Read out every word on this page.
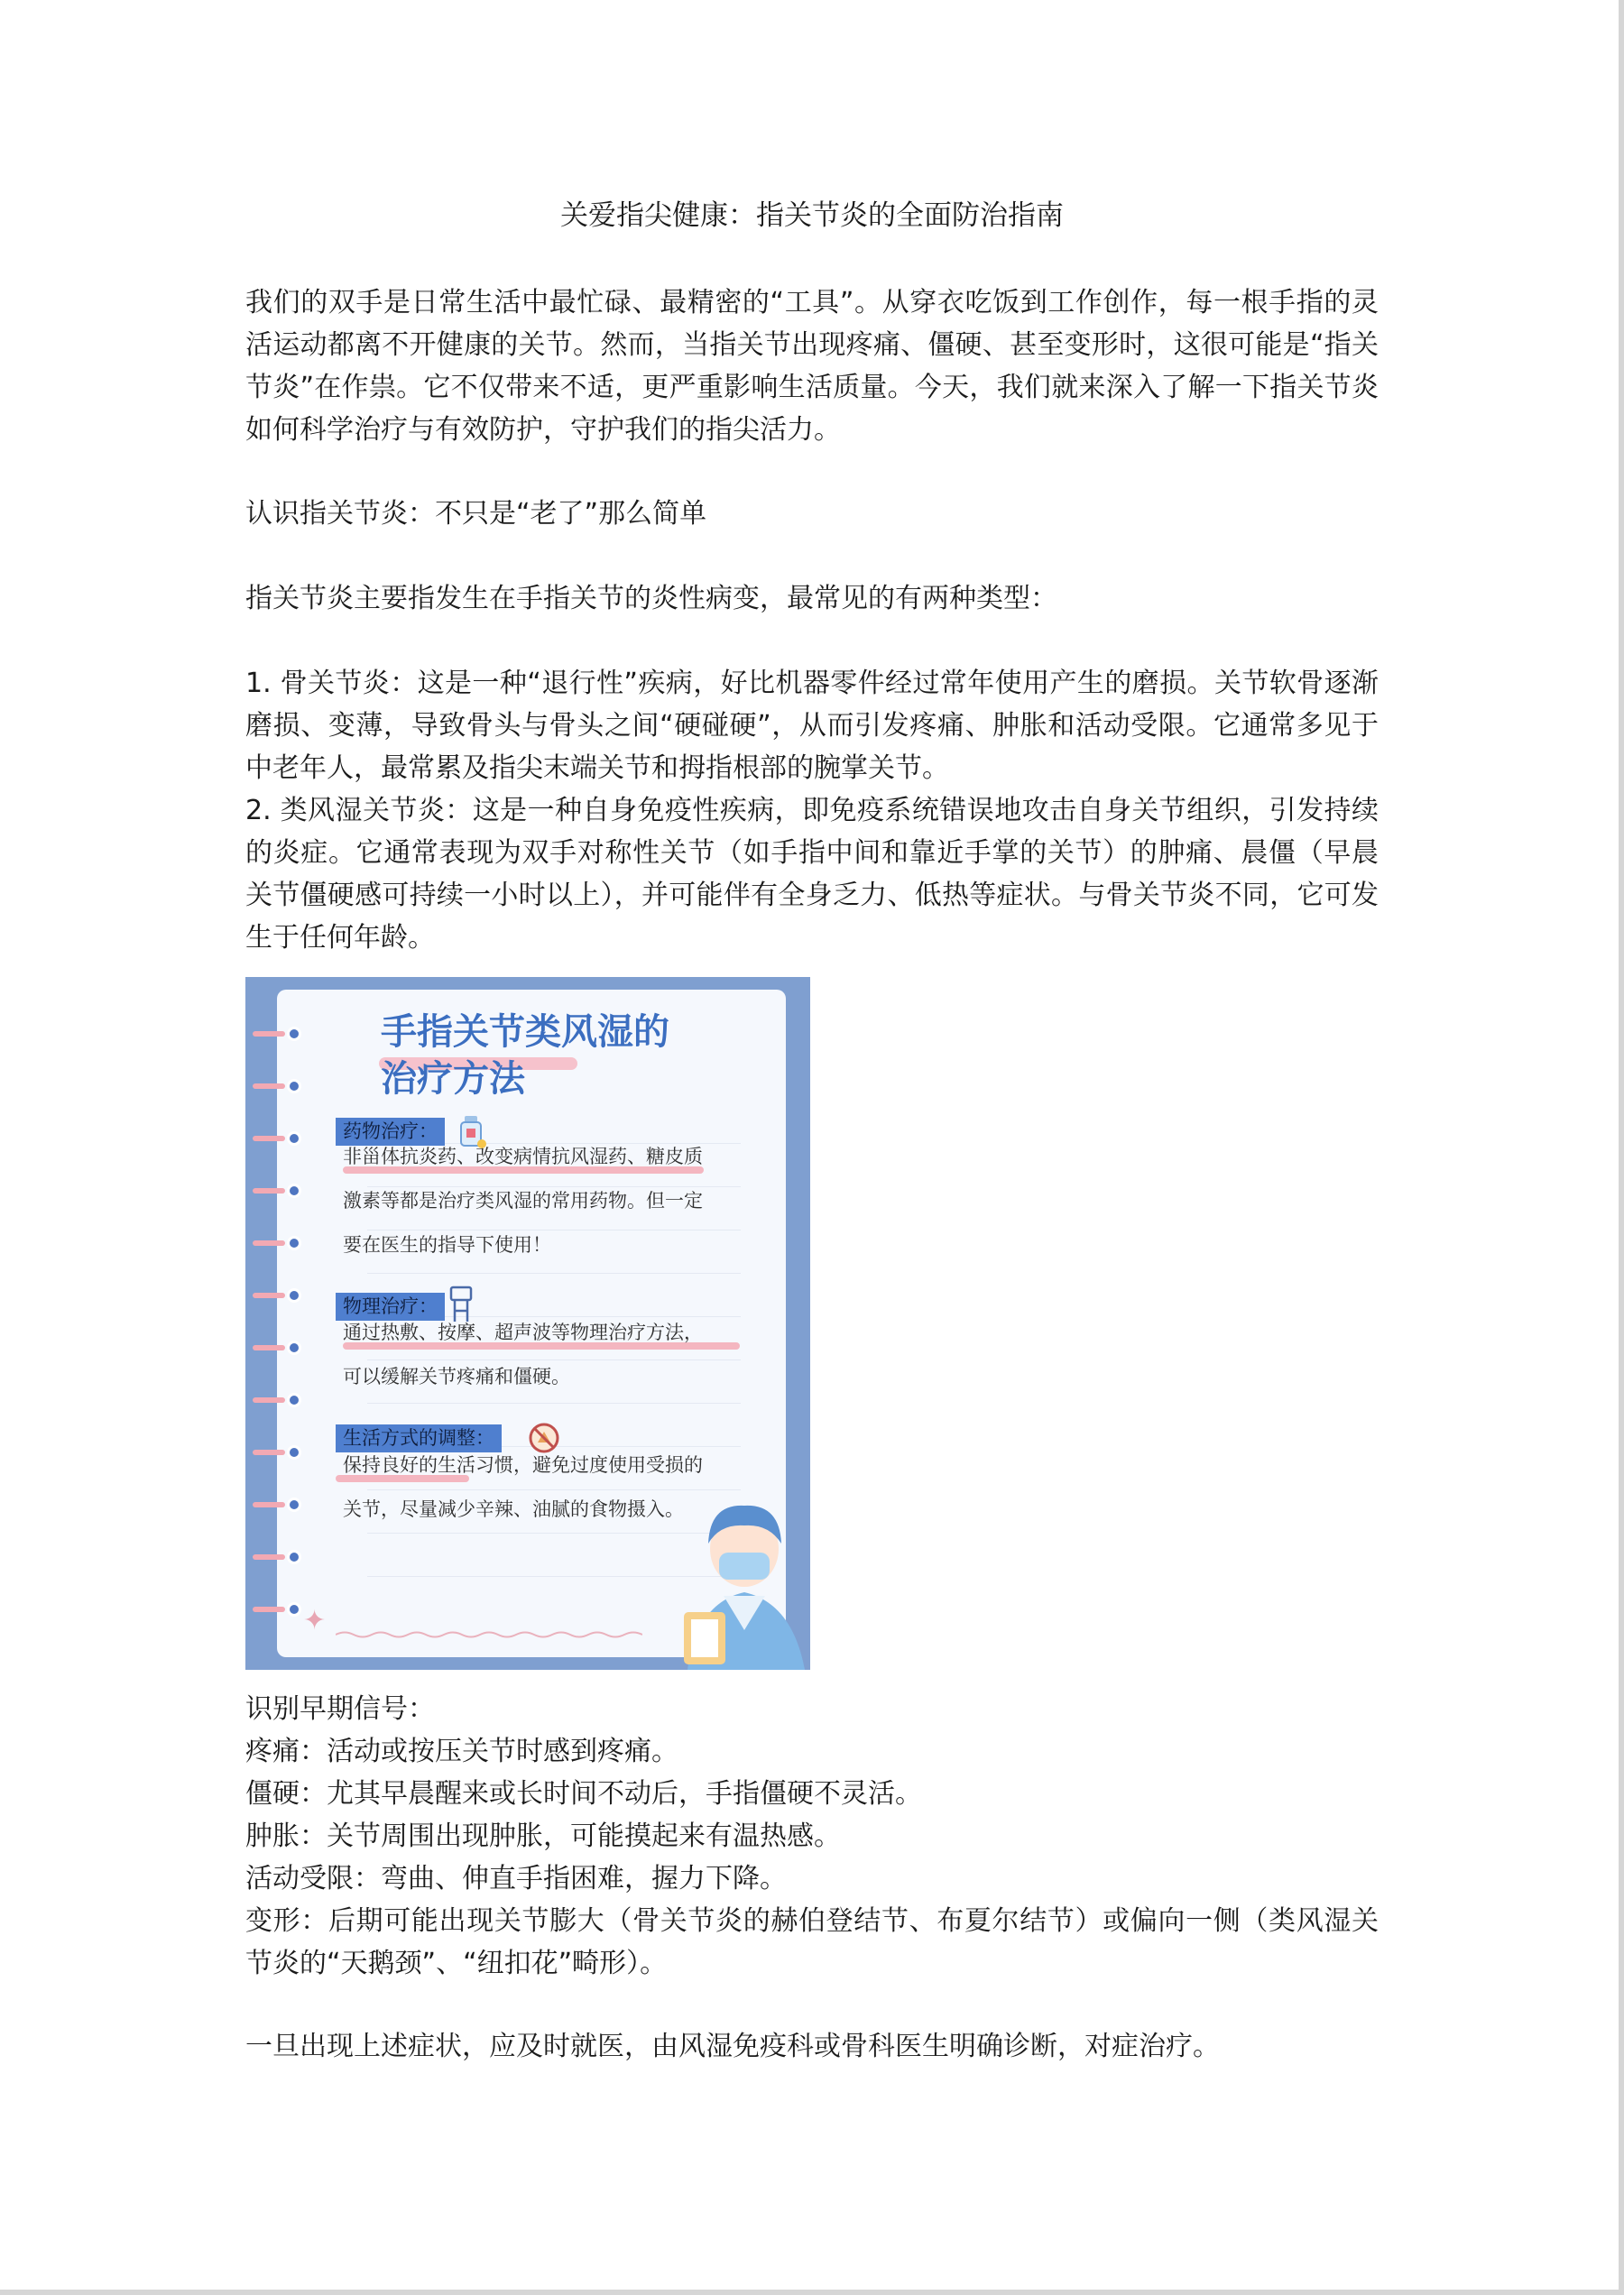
关爱指尖健康：指关节炎的全面防治指南

我们的双手是日常生活中最忙碌、最精密的“工具”。从穿衣吃饭到工作创作，每一根手指的灵活运动都离不开健康的关节。然而，当指关节出现疼痛、僵硬、甚至变形时，这很可能是“指关节炎”在作祟。它不仅带来不适，更严重影响生活质量。今天，我们就来深入了解一下指关节炎如何科学治疗与有效防护，守护我们的指尖活力。

认识指关节炎：不只是“老了”那么简单

指关节炎主要指发生在手指关节的炎性病变，最常见的有两种类型：

1. 骨关节炎：这是一种“退行性”疾病，好比机器零件经过常年使用产生的磨损。关节软骨逐渐磨损、变薄，导致骨头与骨头之间“硬碰硬”，从而引发疼痛、肿胀和活动受限。它通常多见于中老年人，最常累及指尖末端关节和拇指根部的腕掌关节。

2. 类风湿关节炎：这是一种自身免疫性疾病，即免疫系统错误地攻击自身关节组织，引发持续的炎症。它通常表现为双手对称性关节（如手指中间和靠近手掌的关节）的肿痛、晨僵（早晨关节僵硬感可持续一小时以上），并可能伴有全身乏力、低热等症状。与骨关节炎不同，它可发生于任何年龄。

手指关节类风湿的
治疗方法
药物治疗：
非甾体抗炎药、改变病情抗风湿药、糖皮质
激素等都是治疗类风湿的常用药物。但一定
要在医生的指导下使用！
物理治疗：
通过热敷、按摩、超声波等物理治疗方法，
可以缓解关节疼痛和僵硬。
生活方式的调整：
保持良好的生活习惯，避免过度使用受损的
关节，尽量减少辛辣、油腻的食物摄入。
✦

识别早期信号：

疼痛：活动或按压关节时感到疼痛。

僵硬：尤其早晨醒来或长时间不动后，手指僵硬不灵活。

肿胀：关节周围出现肿胀，可能摸起来有温热感。

活动受限：弯曲、伸直手指困难，握力下降。

变形：后期可能出现关节膨大（骨关节炎的赫伯登结节、布夏尔结节）或偏向一侧（类风湿关节炎的“天鹅颈”、“纽扣花”畸形）。

一旦出现上述症状，应及时就医，由风湿免疫科或骨科医生明确诊断，对症治疗。
